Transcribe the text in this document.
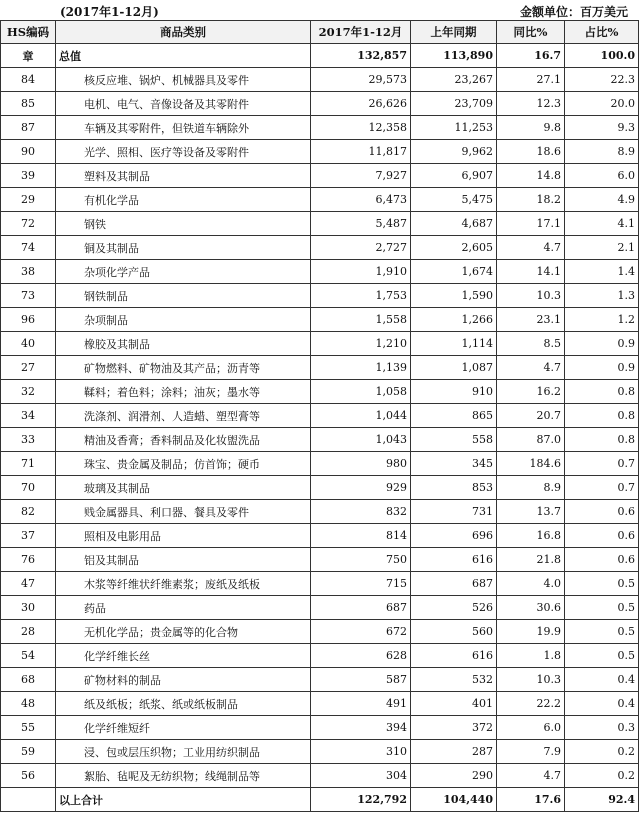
(2017年1-12月)	金额单位：百万美元
HS编码	商品类别	2017年1-12月	上年同期	同比%	占比%
章	总值	132,857	113,890	16.7	100.0
84	核反应堆、锅炉、机械器具及零件	29,573	23,267	27.1	22.3
85	电机、电气、音像设备及其零附件	26,626	23,709	12.3	20.0
87	车辆及其零附件，但铁道车辆除外	12,358	11,253	9.8	9.3
90	光学、照相、医疗等设备及零附件	11,817	9,962	18.6	8.9
39	塑料及其制品	7,927	6,907	14.8	6.0
29	有机化学品	6,473	5,475	18.2	4.9
72	钢铁	5,487	4,687	17.1	4.1
74	铜及其制品	2,727	2,605	4.7	2.1
38	杂项化学产品	1,910	1,674	14.1	1.4
73	钢铁制品	1,753	1,590	10.3	1.3
96	杂项制品	1,558	1,266	23.1	1.2
40	橡胶及其制品	1,210	1,114	8.5	0.9
27	矿物燃料、矿物油及其产品；沥青等	1,139	1,087	4.7	0.9
32	鞣料；着色料；涂料；油灰；墨水等	1,058	910	16.2	0.8
34	洗涤剂、润滑剂、人造蜡、塑型膏等	1,044	865	20.7	0.8
33	精油及香膏；香料制品及化妆盥洗品	1,043	558	87.0	0.8
71	珠宝、贵金属及制品；仿首饰；硬币	980	345	184.6	0.7
70	玻璃及其制品	929	853	8.9	0.7
82	贱金属器具、利口器、餐具及零件	832	731	13.7	0.6
37	照相及电影用品	814	696	16.8	0.6
76	铝及其制品	750	616	21.8	0.6
47	木浆等纤维状纤维素浆；废纸及纸板	715	687	4.0	0.5
30	药品	687	526	30.6	0.5
28	无机化学品；贵金属等的化合物	672	560	19.9	0.5
54	化学纤维长丝	628	616	1.8	0.5
68	矿物材料的制品	587	532	10.3	0.4
48	纸及纸板；纸浆、纸或纸板制品	491	401	22.2	0.4
55	化学纤维短纤	394	372	6.0	0.3
59	浸、包或层压织物；工业用纺织制品	310	287	7.9	0.2
56	絮胎、毡呢及无纺织物；线绳制品等	304	290	4.7	0.2
	以上合计	122,792	104,440	17.6	92.4
